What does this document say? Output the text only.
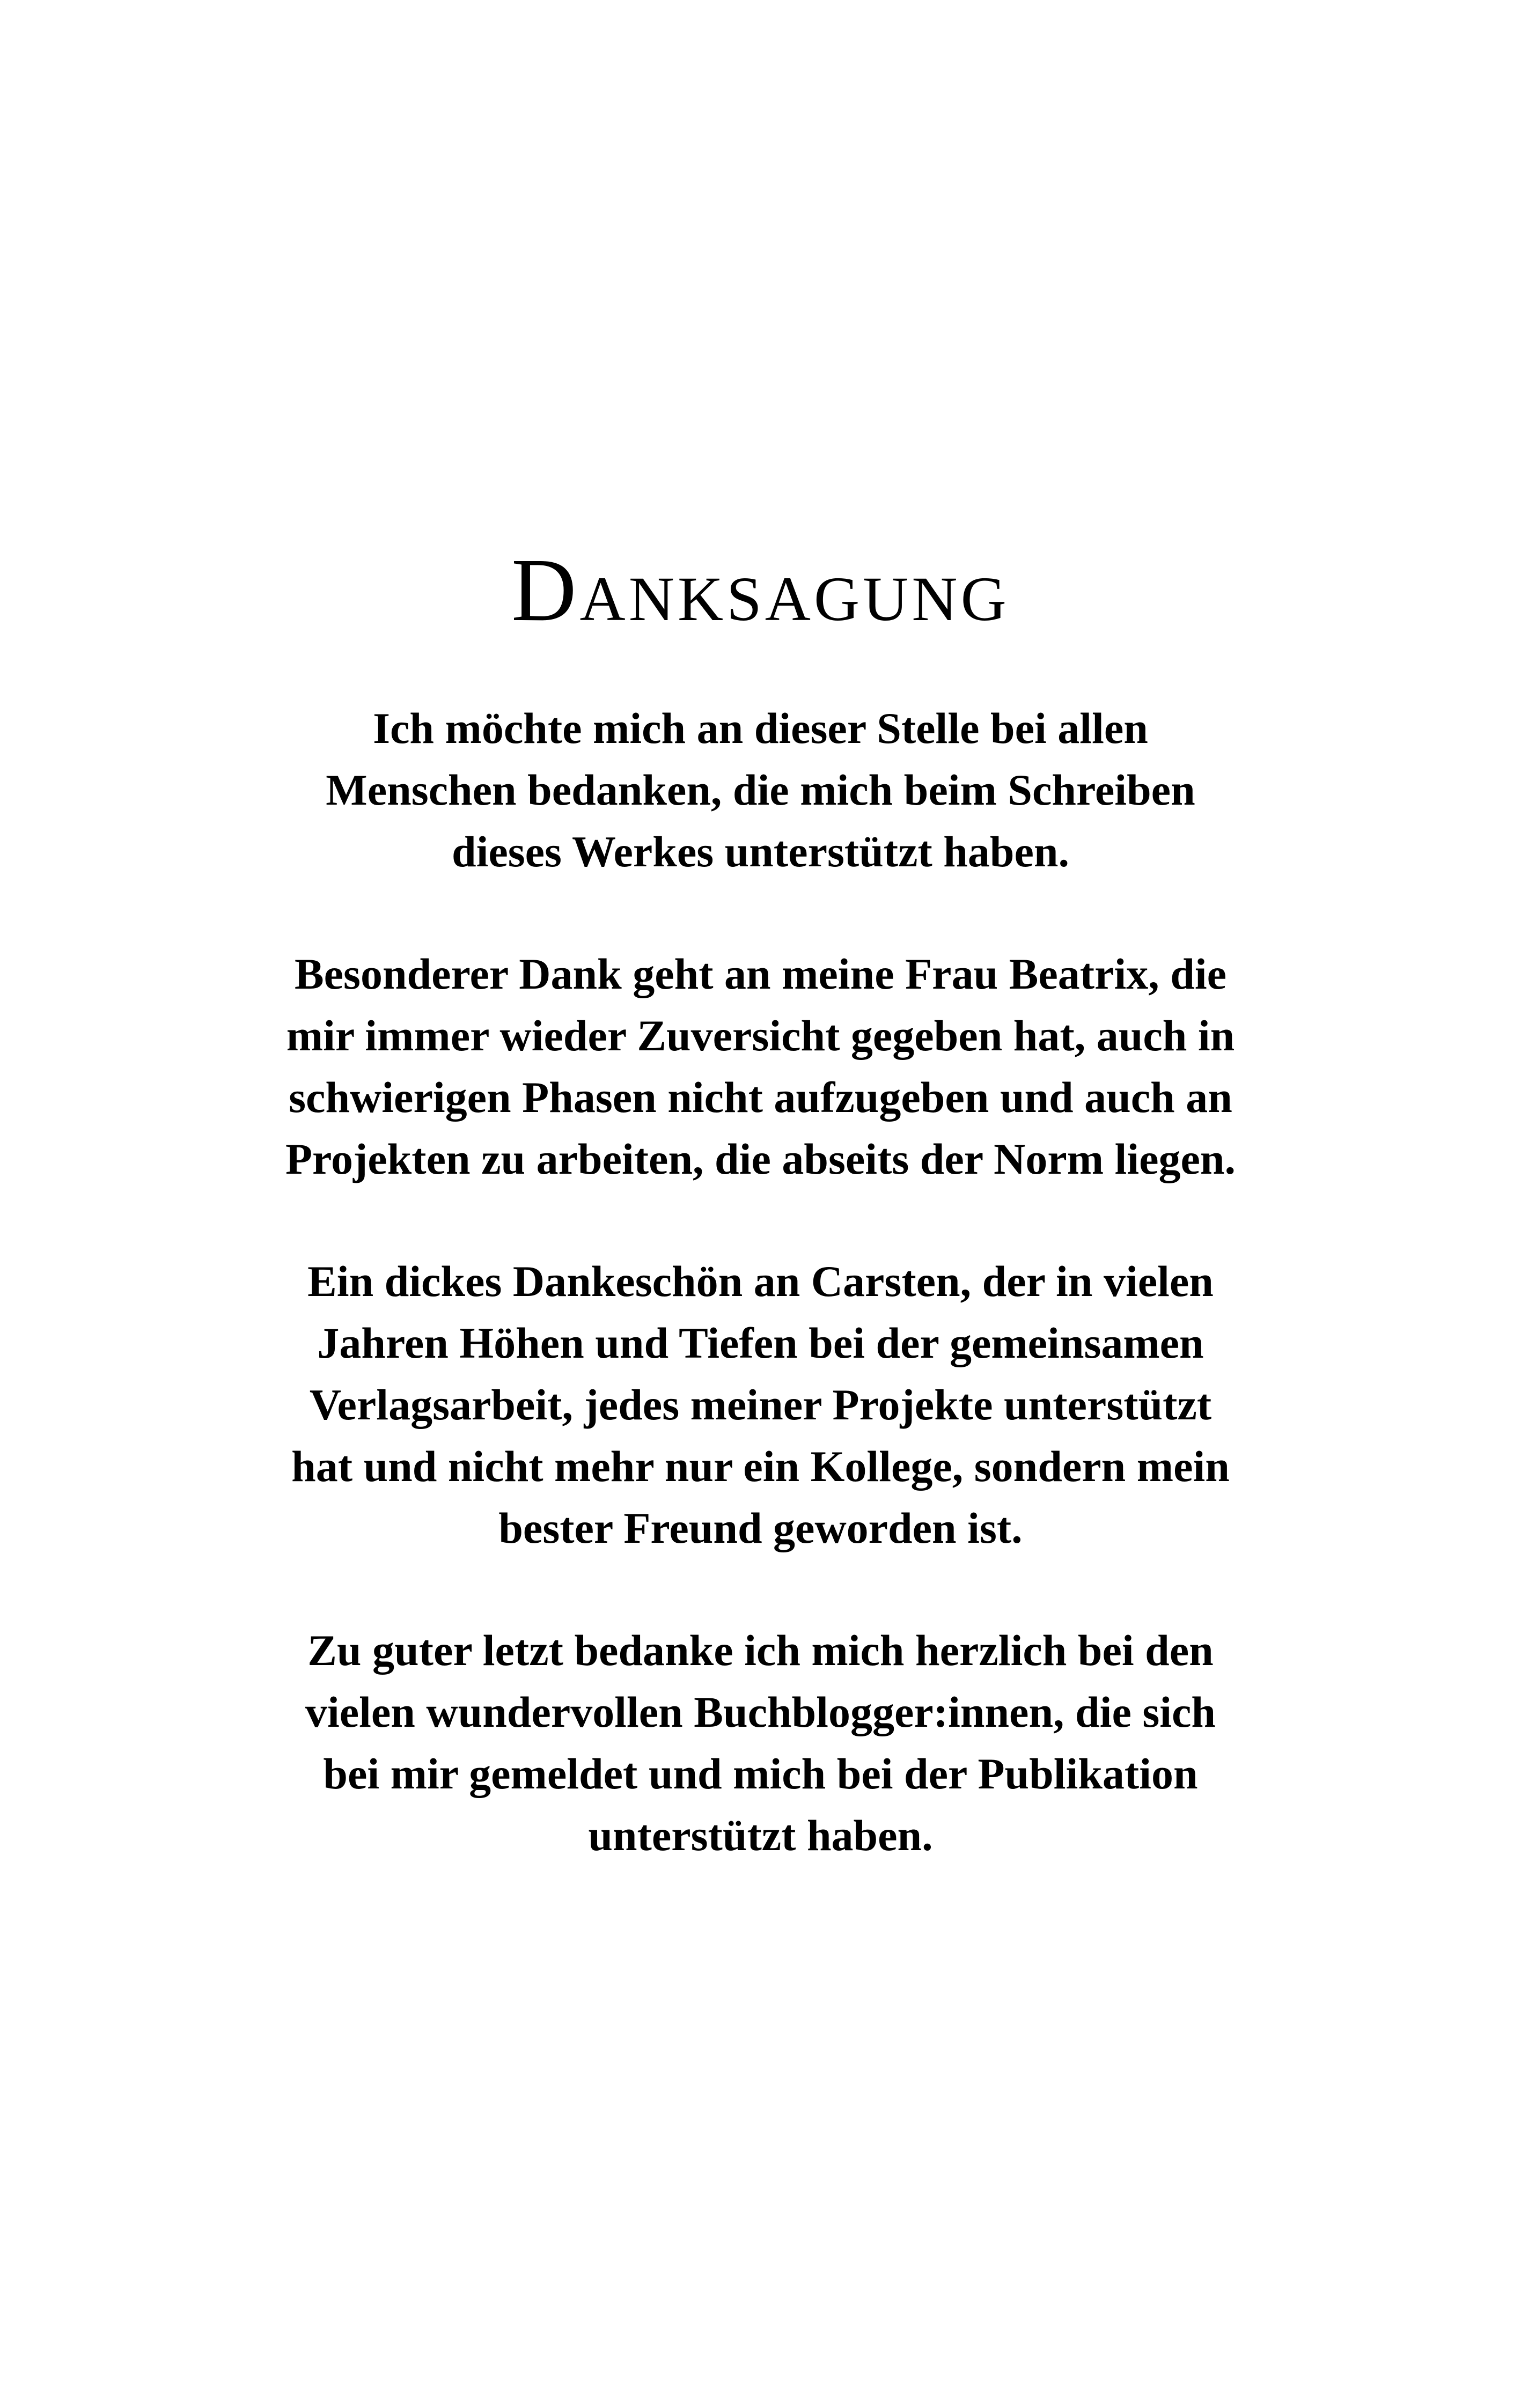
Danksagung

Ich möchte mich an dieser Stelle bei allen
Menschen bedanken, die mich beim Schreiben
dieses Werkes unterstützt haben.

Besonderer Dank geht an meine Frau Beatrix, die
mir immer wieder Zuversicht gegeben hat, auch in
schwierigen Phasen nicht aufzugeben und auch an
Projekten zu arbeiten, die abseits der Norm liegen.

Ein dickes Dankeschön an Carsten, der in vielen
Jahren Höhen und Tiefen bei der gemeinsamen
Verlagsarbeit, jedes meiner Projekte unterstützt
hat und nicht mehr nur ein Kollege, sondern mein
bester Freund geworden ist.

Zu guter letzt bedanke ich mich herzlich bei den
vielen wundervollen Buchblogger:innen, die sich
bei mir gemeldet und mich bei der Publikation
unterstützt haben.
